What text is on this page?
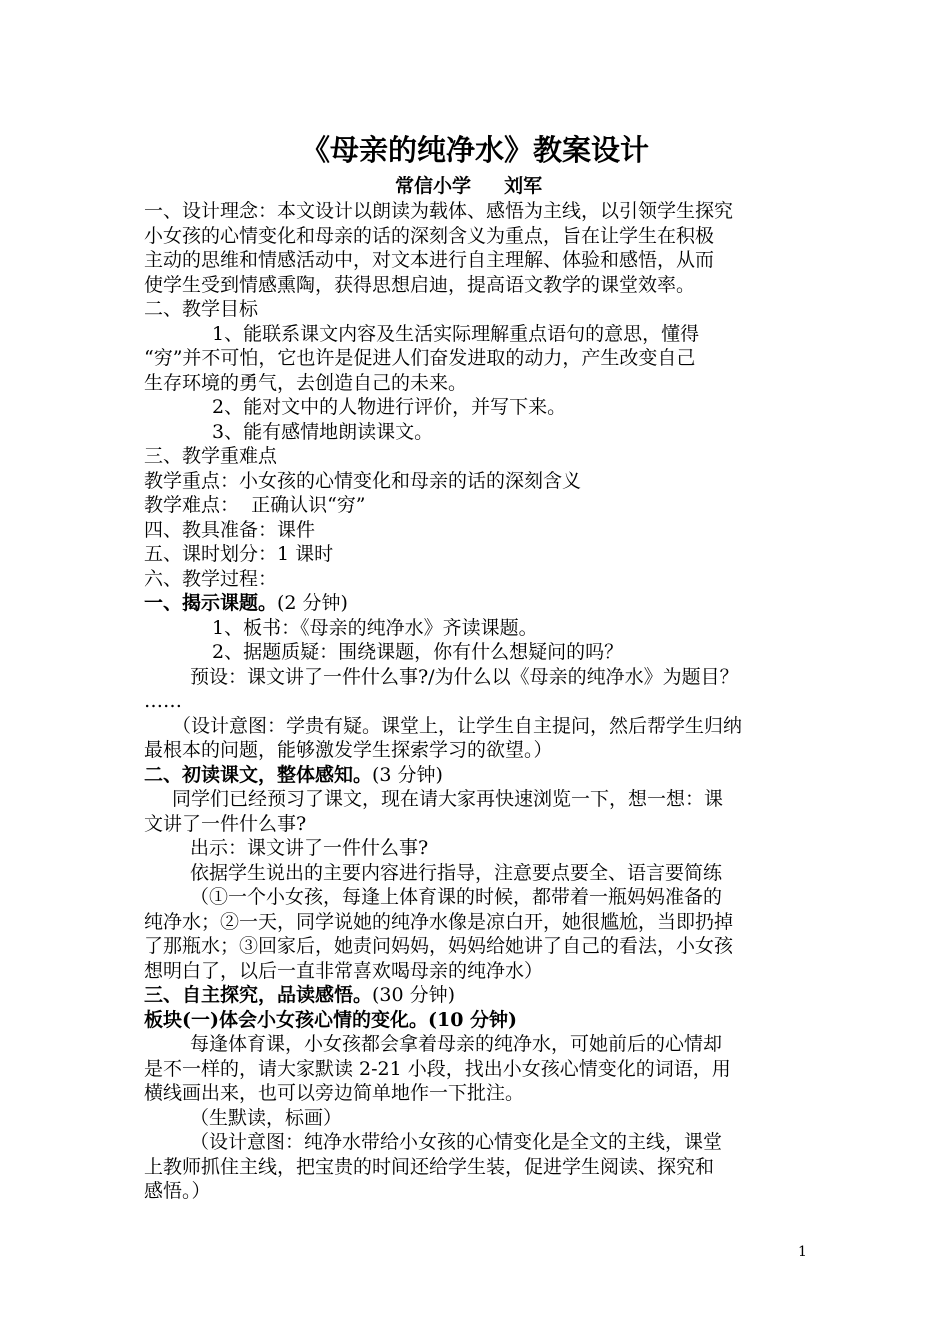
《母亲的纯净水》教案设计
常信小学     刘军

一、设计理念：本文设计以朗读为载体、感悟为主线，以引领学生探究

小女孩的心情变化和母亲的话的深刻含义为重点，旨在让学生在积极

主动的思维和情感活动中，对文本进行自主理解、体验和感悟，从而

使学生受到情感熏陶，获得思想启迪，提高语文教学的课堂效率。

二、教学目标

1、能联系课文内容及生活实际理解重点语句的意思，懂得

“穷”并不可怕，它也许是促进人们奋发进取的动力，产生改变自己

生存环境的勇气，去创造自己的未来。

2、能对文中的人物进行评价，并写下来。

3、能有感情地朗读课文。

三、教学重难点

教学重点：小女孩的心情变化和母亲的话的深刻含义

教学难点：  正确认识“穷”

四、教具准备：课件

五、课时划分：1 课时

六、教学过程：

一、揭示课题。(2 分钟)

1、板书：《母亲的纯净水》齐读课题。

2、据题质疑：围绕课题，你有什么想疑问的吗？

预设：课文讲了一件什么事?/为什么以《母亲的纯净水》为题目？

……

（设计意图：学贵有疑。课堂上，让学生自主提问，然后帮学生归纳

最根本的问题，能够激发学生探索学习的欲望。）

二、初读课文，整体感知。(3 分钟)

同学们已经预习了课文，现在请大家再快速浏览一下，想一想：课

文讲了一件什么事?

出示：课文讲了一件什么事?

依据学生说出的主要内容进行指导，注意要点要全、语言要简练

（①一个小女孩，每逢上体育课的时候，都带着一瓶妈妈准备的

纯净水；②一天，同学说她的纯净水像是凉白开，她很尴尬，当即扔掉

了那瓶水；③回家后，她责问妈妈，妈妈给她讲了自己的看法，小女孩

想明白了，以后一直非常喜欢喝母亲的纯净水）

三、自主探究，品读感悟。(30 分钟)

板块(一)体会小女孩心情的变化。(10 分钟)

每逢体育课，小女孩都会拿着母亲的纯净水，可她前后的心情却

是不一样的，请大家默读 2-21 小段，找出小女孩心情变化的词语，用

横线画出来，也可以旁边简单地作一下批注。

（生默读，标画）

（设计意图：纯净水带给小女孩的心情变化是全文的主线，课堂

上教师抓住主线，把宝贵的时间还给学生装，促进学生阅读、探究和

感悟。）

1
